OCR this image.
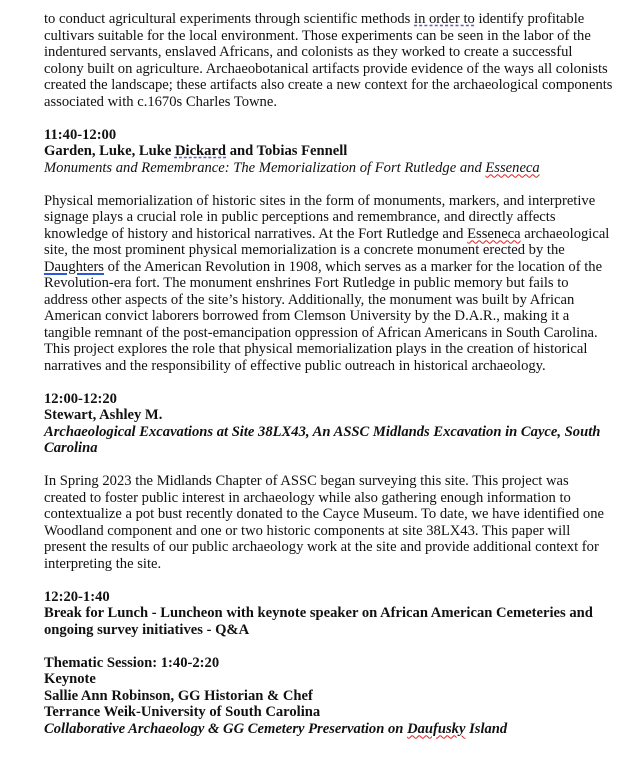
to conduct agricultural experiments through scientific methods in order to identify profitable cultivars suitable for the local environment. Those experiments can be seen in the labor of the indentured servants, enslaved Africans, and colonists as they worked to create a successful colony built on agriculture. Archaeobotanical artifacts provide evidence of the ways all colonists created the landscape; these artifacts also create a new context for the archaeological components associated with c.1670s Charles Towne.

11:40-12:00

Garden, Luke, Luke Dickard and Tobias Fennell

Monuments and Remembrance: The Memorialization of Fort Rutledge and Esseneca

Physical memorialization of historic sites in the form of monuments, markers, and interpretive signage plays a crucial role in public perceptions and remembrance, and directly affects knowledge of history and historical narratives. At the Fort Rutledge and Esseneca archaeological site, the most prominent physical memorialization is a concrete monument erected by the Daughters of the American Revolution in 1908, which serves as a marker for the location of the Revolution-era fort. The monument enshrines Fort Rutledge in public memory but fails to address other aspects of the site’s history. Additionally, the monument was built by African American convict laborers borrowed from Clemson University by the D.A.R., making it a tangible remnant of the post-emancipation oppression of African Americans in South Carolina. This project explores the role that physical memorialization plays in the creation of historical narratives and the responsibility of effective public outreach in historical archaeology.

12:00-12:20

Stewart, Ashley M.

Archaeological Excavations at Site 38LX43, An ASSC Midlands Excavation in Cayce, South Carolina

In Spring 2023 the Midlands Chapter of ASSC began surveying this site. This project was created to foster public interest in archaeology while also gathering enough information to contextualize a pot bust recently donated to the Cayce Museum. To date, we have identified one Woodland component and one or two historic components at site 38LX43. This paper will present the results of our public archaeology work at the site and provide additional context for interpreting the site.

12:20-1:40

Break for Lunch - Luncheon with keynote speaker on African American Cemeteries and ongoing survey initiatives - Q&A

Thematic Session: 1:40-2:20

Keynote

Sallie Ann Robinson, GG Historian & Chef

Terrance Weik-University of South Carolina

Collaborative Archaeology & GG Cemetery Preservation on Daufusky Island
